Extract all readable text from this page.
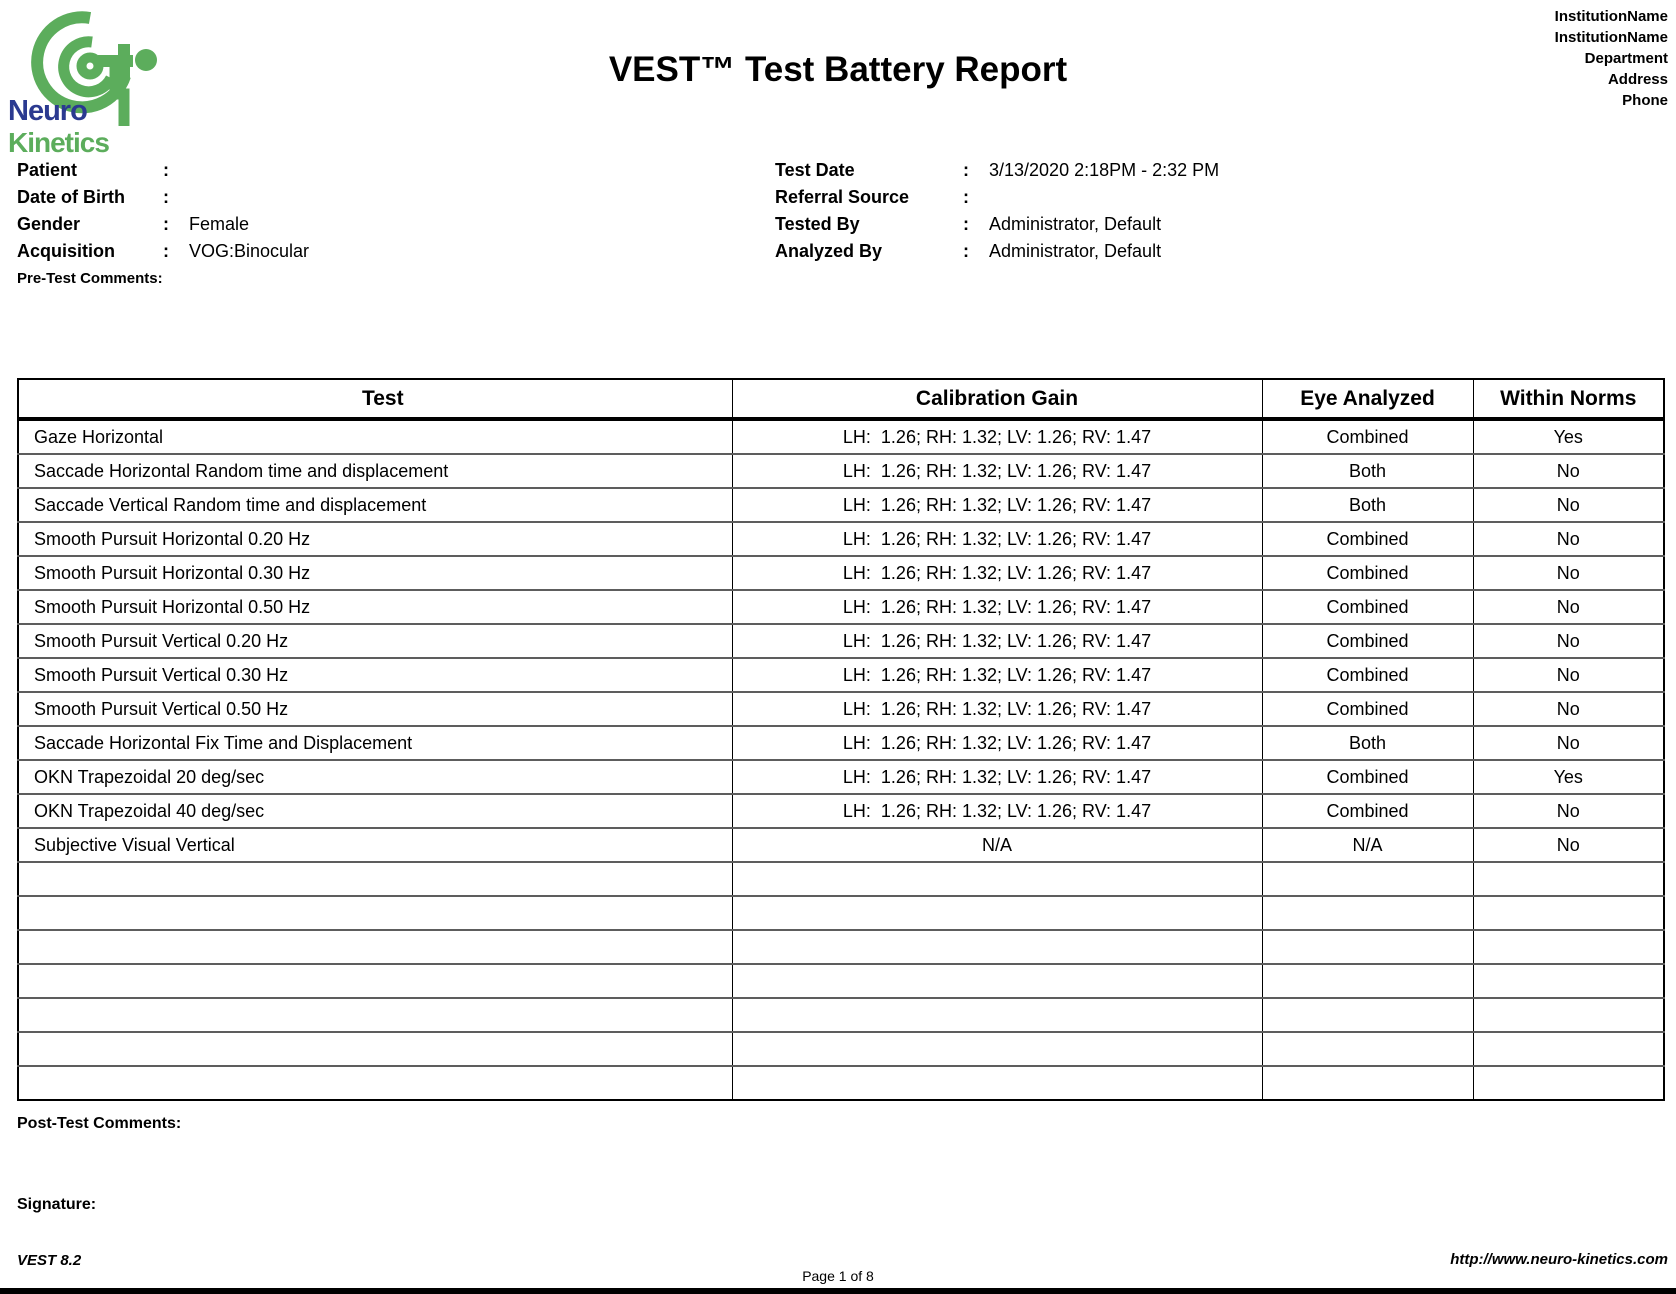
Neuro
Kinetics
VEST™ Test Battery Report
InstitutionName
InstitutionName
Department
Address
Phone
Patient	:
Date of Birth	:
Gender	:	Female
Acquisition	:	VOG:Binocular
Test Date	:	3/13/2020 2:18PM - 2:32 PM
Referral Source	:
Tested By	:	Administrator, Default
Analyzed By	:	Administrator, Default
Pre-Test Comments:
Test	Calibration Gain	Eye Analyzed	Within Norms
Gaze Horizontal	LH:  1.26; RH: 1.32; LV: 1.26; RV: 1.47	Combined	Yes
Saccade Horizontal Random time and displacement	LH:  1.26; RH: 1.32; LV: 1.26; RV: 1.47	Both	No
Saccade Vertical Random time and displacement	LH:  1.26; RH: 1.32; LV: 1.26; RV: 1.47	Both	No
Smooth Pursuit Horizontal 0.20 Hz	LH:  1.26; RH: 1.32; LV: 1.26; RV: 1.47	Combined	No
Smooth Pursuit Horizontal 0.30 Hz	LH:  1.26; RH: 1.32; LV: 1.26; RV: 1.47	Combined	No
Smooth Pursuit Horizontal 0.50 Hz	LH:  1.26; RH: 1.32; LV: 1.26; RV: 1.47	Combined	No
Smooth Pursuit Vertical 0.20 Hz	LH:  1.26; RH: 1.32; LV: 1.26; RV: 1.47	Combined	No
Smooth Pursuit Vertical 0.30 Hz	LH:  1.26; RH: 1.32; LV: 1.26; RV: 1.47	Combined	No
Smooth Pursuit Vertical 0.50 Hz	LH:  1.26; RH: 1.32; LV: 1.26; RV: 1.47	Combined	No
Saccade Horizontal Fix Time and Displacement	LH:  1.26; RH: 1.32; LV: 1.26; RV: 1.47	Both	No
OKN Trapezoidal 20 deg/sec	LH:  1.26; RH: 1.32; LV: 1.26; RV: 1.47	Combined	Yes
OKN Trapezoidal 40 deg/sec	LH:  1.26; RH: 1.32; LV: 1.26; RV: 1.47	Combined	No
Subjective Visual Vertical	N/A	N/A	No

Post-Test Comments:
Signature:
VEST 8.2
Page 1 of 8
http://www.neuro-kinetics.com
